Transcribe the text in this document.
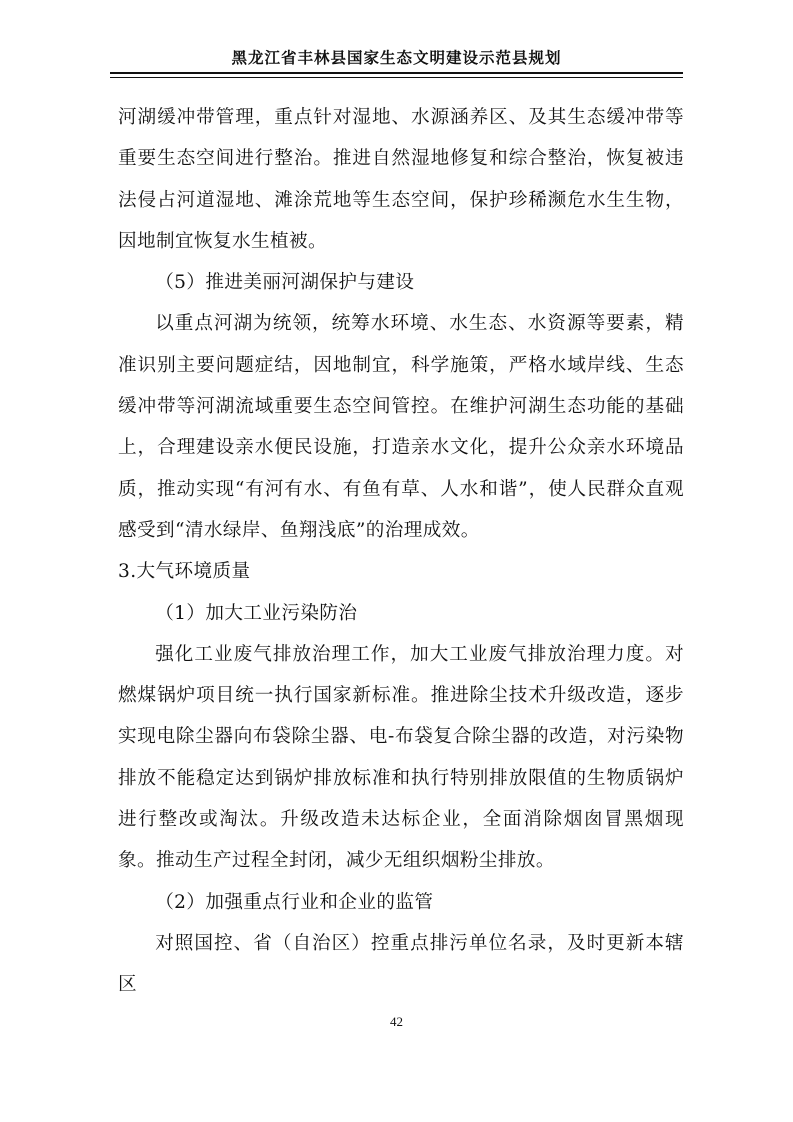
黑龙江省丰林县国家生态文明建设示范县规划

河湖缓冲带管理，重点针对湿地、水源涵养区、及其生态缓冲带等重要生态空间进行整治。推进自然湿地修复和综合整治，恢复被违法侵占河道湿地、滩涂荒地等生态空间，保护珍稀濒危水生生物，因地制宜恢复水生植被。

（5）推进美丽河湖保护与建设

以重点河湖为统领，统筹水环境、水生态、水资源等要素，精准识别主要问题症结，因地制宜，科学施策，严格水域岸线、生态缓冲带等河湖流域重要生态空间管控。在维护河湖生态功能的基础上，合理建设亲水便民设施，打造亲水文化，提升公众亲水环境品质，推动实现“有河有水、有鱼有草、人水和谐”，使人民群众直观感受到“清水绿岸、鱼翔浅底”的治理成效。

3.大气环境质量

（1）加大工业污染防治

强化工业废气排放治理工作，加大工业废气排放治理力度。对燃煤锅炉项目统一执行国家新标准。推进除尘技术升级改造，逐步实现电除尘器向布袋除尘器、电-布袋复合除尘器的改造，对污染物排放不能稳定达到锅炉排放标准和执行特别排放限值的生物质锅炉进行整改或淘汰。升级改造未达标企业，全面消除烟囱冒黑烟现象。推动生产过程全封闭，减少无组织烟粉尘排放。

（2）加强重点行业和企业的监管

对照国控、省（自治区）控重点排污单位名录，及时更新本辖区

42
